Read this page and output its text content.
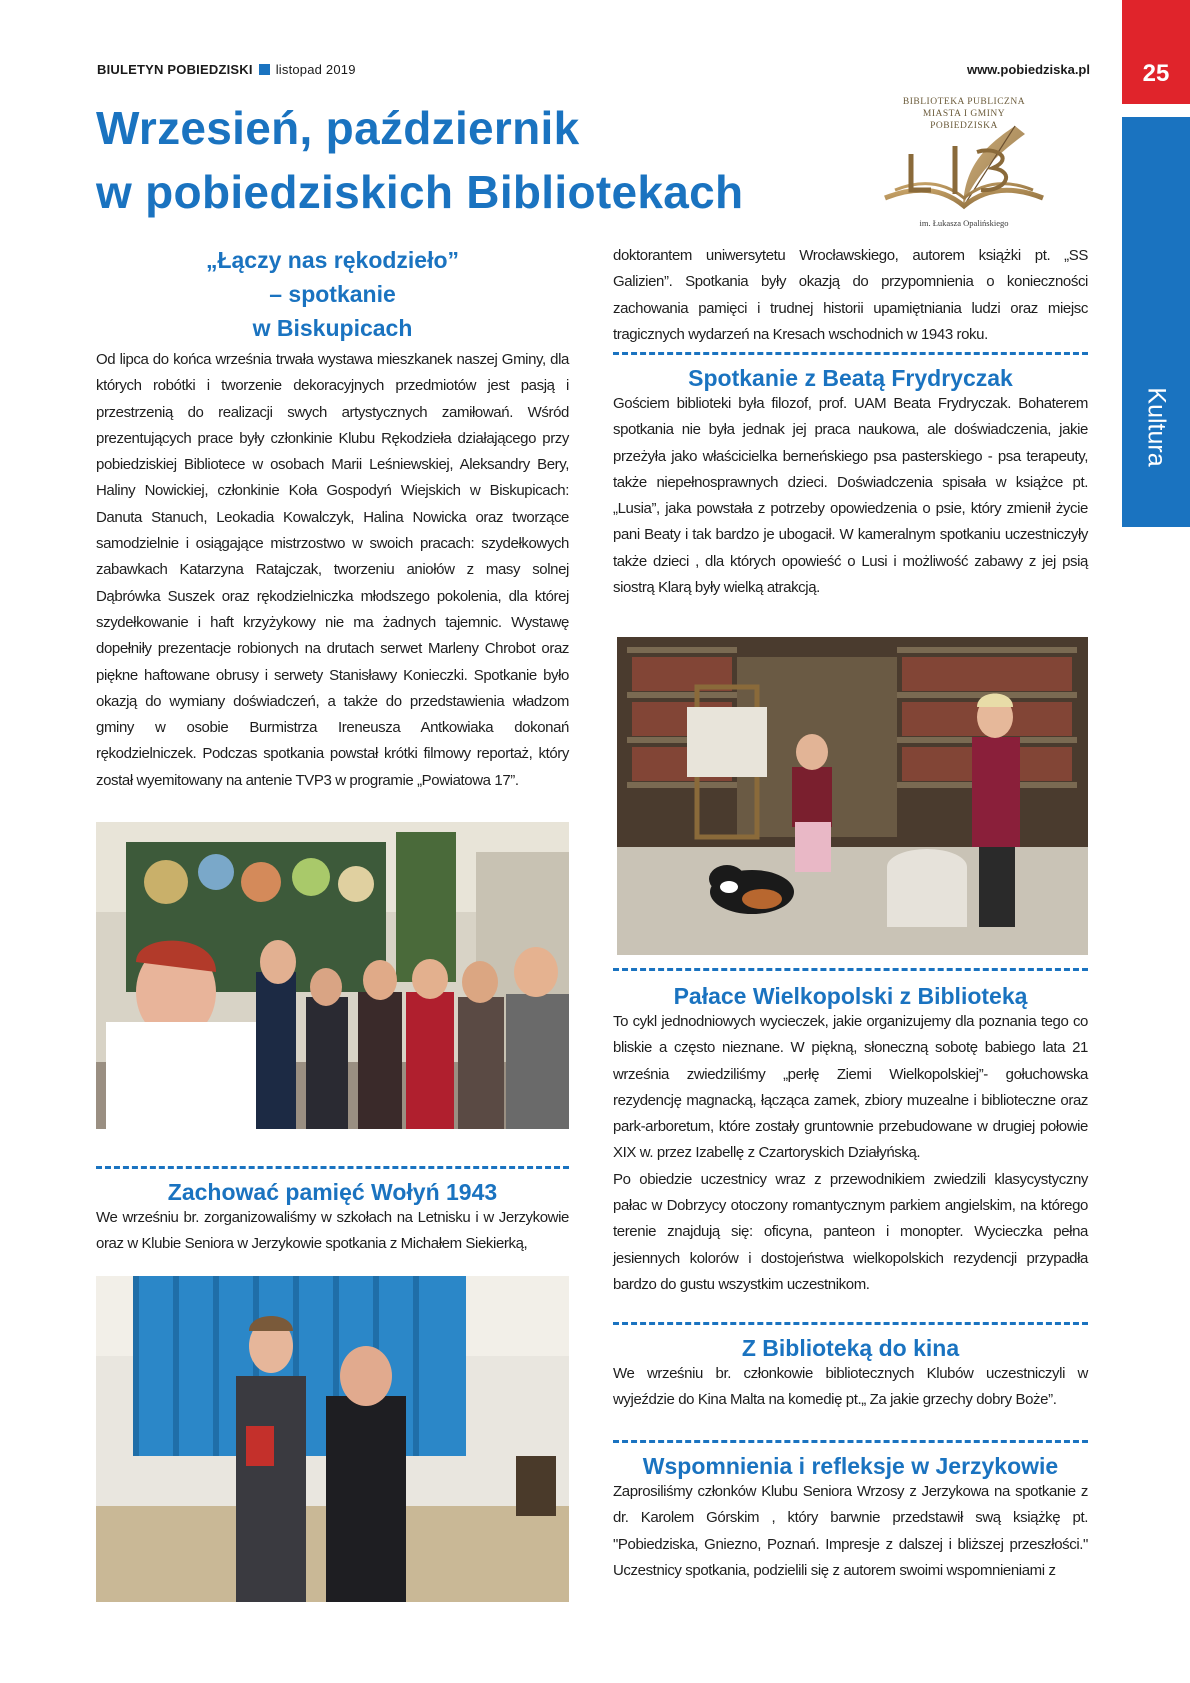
BIULETYN POBIEDZISKI listopad 2019	www.pobiedziska.pl	25
Kultura
Wrzesień, październik
w pobiedziskich Bibliotekach
BIBLIOTEKA PUBLICZNA
MIASTA I GMINY
POBIEDZISKA
im. Łukasza Opalińskiego
„Łączy nas rękodzieło”
– spotkanie
w Biskupicach

Od lipca do końca września trwała wystawa mieszkanek naszej Gminy, dla których robótki i tworzenie dekoracyjnych przedmiotów jest pasją i przestrzenią do realizacji swych artystycznych zamiłowań. Wśród prezentujących prace były członkinie Klubu Rękodzieła działającego przy pobiedziskiej Bibliotece w osobach Marii Leśniewskiej, Aleksandry Bery, Haliny Nowickiej, członkinie Koła Gospodyń Wiejskich w Biskupicach: Danuta Stanuch, Leokadia Kowalczyk, Halina Nowicka oraz tworzące samodzielnie i osiągające mistrzostwo w swoich pracach: szydełkowych zabawkach Katarzyna Ratajczak, tworzeniu aniołów z masy solnej Dąbrówka Suszek oraz rękodzielniczka młodszego pokolenia, dla której szydełkowanie i haft krzyżykowy nie ma żadnych tajemnic. Wystawę dopełniły prezentacje robionych na drutach serwet Marleny Chrobot oraz piękne haftowane obrusy i serwety Stanisławy Konieczki. Spotkanie było okazją do wymiany doświadczeń, a także do przedstawienia władzom gminy w osobie Burmistrza Ireneusza Antkowiaka dokonań rękodzielniczek. Podczas spotkania powstał krótki filmowy reportaż, który został wyemitowany na antenie TVP3 w programie „Powiatowa 17”.

Zachować pamięć Wołyń 1943

We wrześniu br. zorganizowaliśmy w szkołach na Letnisku i w Jerzykowie oraz w Klubie Seniora w Jerzykowie spotkania z Michałem Siekierką,

doktorantem uniwersytetu Wrocławskiego, autorem książki pt. „SS Galizien”. Spotkania były okazją do przypomnienia o konieczności zachowania pamięci i trudnej historii upamiętniania ludzi oraz miejsc tragicznych wydarzeń na Kresach wschodnich w 1943 roku.

Spotkanie z Beatą Frydryczak

Gościem biblioteki była filozof, prof. UAM Beata Frydryczak. Bohaterem spotkania nie była jednak jej praca naukowa, ale doświadczenia, jakie przeżyła jako właścicielka berneńskiego psa pasterskiego - psa terapeuty, także niepełnosprawnych dzieci. Doświadczenia spisała w książce pt. „Lusia”, jaka powstała z potrzeby opowiedzenia o psie, który zmienił życie pani Beaty i tak bardzo je ubogacił. W kameralnym spotkaniu uczestniczyły także dzieci , dla których opowieść o Lusi i możliwość zabawy z jej psią siostrą Klarą były wielką atrakcją.

Pałace Wielkopolski z Biblioteką

To cykl jednodniowych wycieczek, jakie organizujemy dla poznania tego co bliskie a często nieznane. W piękną, słoneczną sobotę babiego lata 21 września zwiedziliśmy „perłę Ziemi Wielkopolskiej”- gołuchowska rezydencję magnacką, łącząca zamek, zbiory muzealne i biblioteczne oraz park-arboretum, które zostały gruntownie przebudowane w drugiej połowie XIX w. przez Izabellę z Czartoryskich Działyńską.

Po obiedzie uczestnicy wraz z przewodnikiem zwiedzili klasycystyczny pałac w Dobrzycy otoczony romantycznym parkiem angielskim, na którego terenie znajdują się: oficyna, panteon i monopter. Wycieczka pełna jesiennych kolorów i dostojeństwa wielkopolskich rezydencji przypadła bardzo do gustu wszystkim uczestnikom.

Z Biblioteką do kina

We wrześniu br. członkowie bibliotecznych Klubów uczestniczyli w wyjeździe do Kina Malta na komedię pt.„ Za jakie grzechy dobry Boże”.

Wspomnienia i refleksje w Jerzykowie

Zaprosiliśmy członków Klubu Seniora Wrzosy z Jerzykowa na spotkanie z dr. Karolem Górskim , który barwnie przedstawił swą książkę pt. "Pobiedziska, Gniezno, Poznań. Impresje z dalszej i bliższej przeszłości." Uczestnicy spotkania, podzielili się z autorem swoimi wspomnieniami z
